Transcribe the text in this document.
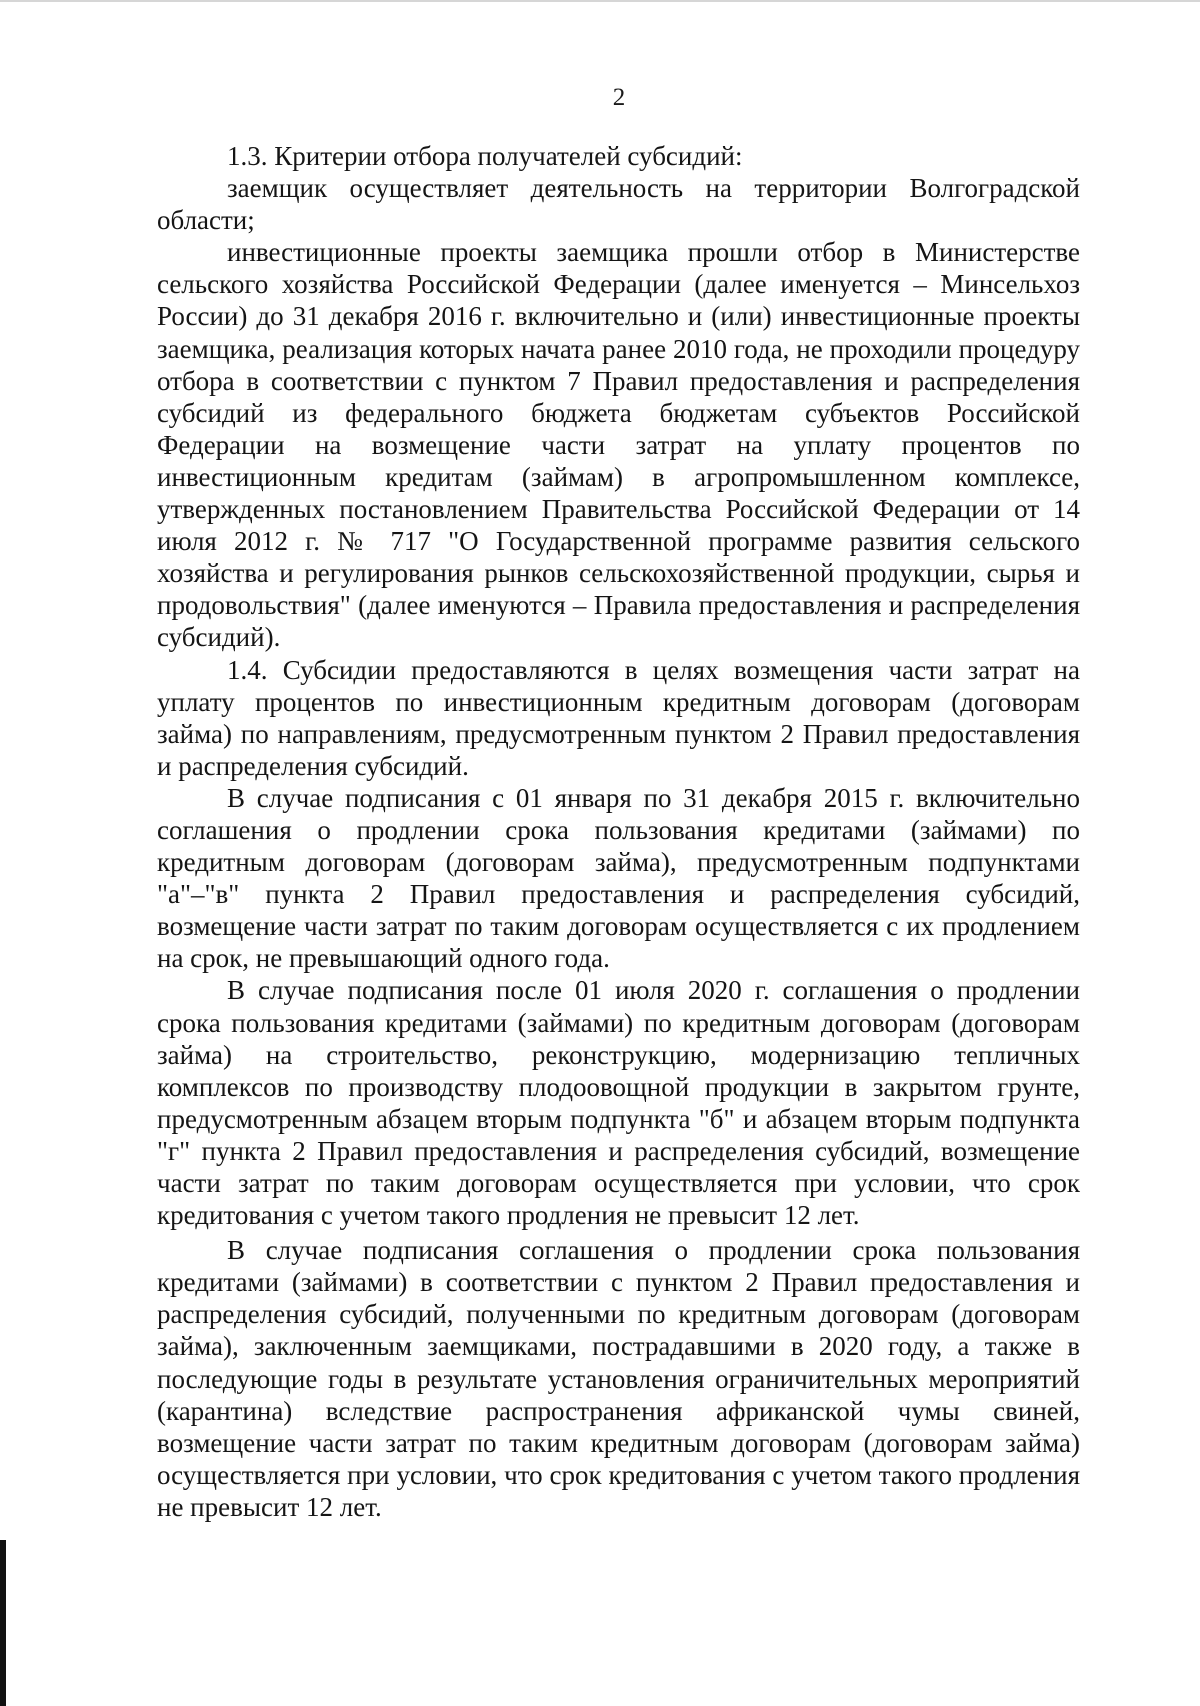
2

1.3. Критерии отбора получателей субсидий:

заемщик осуществляет деятельность на территории Волгоградской области;

инвестиционные проекты заемщика прошли отбор в Министерстве сельского хозяйства Российской Федерации (далее именуется – Минсельхоз России) до 31 декабря 2016 г. включительно и (или) инвестиционные проекты заемщика, реализация которых начата ранее 2010 года, не проходили процедуру отбора в соответствии с пунктом 7 Правил предоставления и распределения субсидий из федерального бюджета бюджетам субъектов Российской Федерации на возмещение части затрат на уплату процентов по инвестиционным кредитам (займам) в агропромышленном комплексе, утвержденных постановлением Правительства Российской Федерации от 14 июля 2012 г. № 717 "О Государственной программе развития сельского хозяйства и регулирования рынков сельскохозяйственной продукции, сырья и продовольствия" (далее именуются – Правила предоставления и распределения субсидий).

1.4. Субсидии предоставляются в целях возмещения части затрат на уплату процентов по инвестиционным кредитным договорам (договорам займа) по направлениям, предусмотренным пунктом 2 Правил предоставления и распределения субсидий.

В случае подписания с 01 января по 31 декабря 2015 г. включительно соглашения о продлении срока пользования кредитами (займами) по кредитным договорам (договорам займа), предусмотренным подпунктами "а"–"в" пункта 2 Правил предоставления и распределения субсидий, возмещение части затрат по таким договорам осуществляется с их продлением на срок, не превышающий одного года.

В случае подписания после 01 июля 2020 г. соглашения о продлении срока пользования кредитами (займами) по кредитным договорам (договорам займа) на строительство, реконструкцию, модернизацию тепличных комплексов по производству плодоовощной продукции в закрытом грунте, предусмотренным абзацем вторым подпункта "б" и абзацем вторым подпункта "г" пункта 2 Правил предоставления и распределения субсидий, возмещение части затрат по таким договорам осуществляется при условии, что срок кредитования с учетом такого продления не превысит 12 лет.

В случае подписания соглашения о продлении срока пользования кредитами (займами) в соответствии с пунктом 2 Правил предоставления и распределения субсидий, полученными по кредитным договорам (договорам займа), заключенным заемщиками, пострадавшими в 2020 году, а также в последующие годы в результате установления ограничительных мероприятий (карантина) вследствие распространения африканской чумы свиней, возмещение части затрат по таким кредитным договорам (договорам займа) осуществляется при условии, что срок кредитования с учетом такого продления не превысит 12 лет.
